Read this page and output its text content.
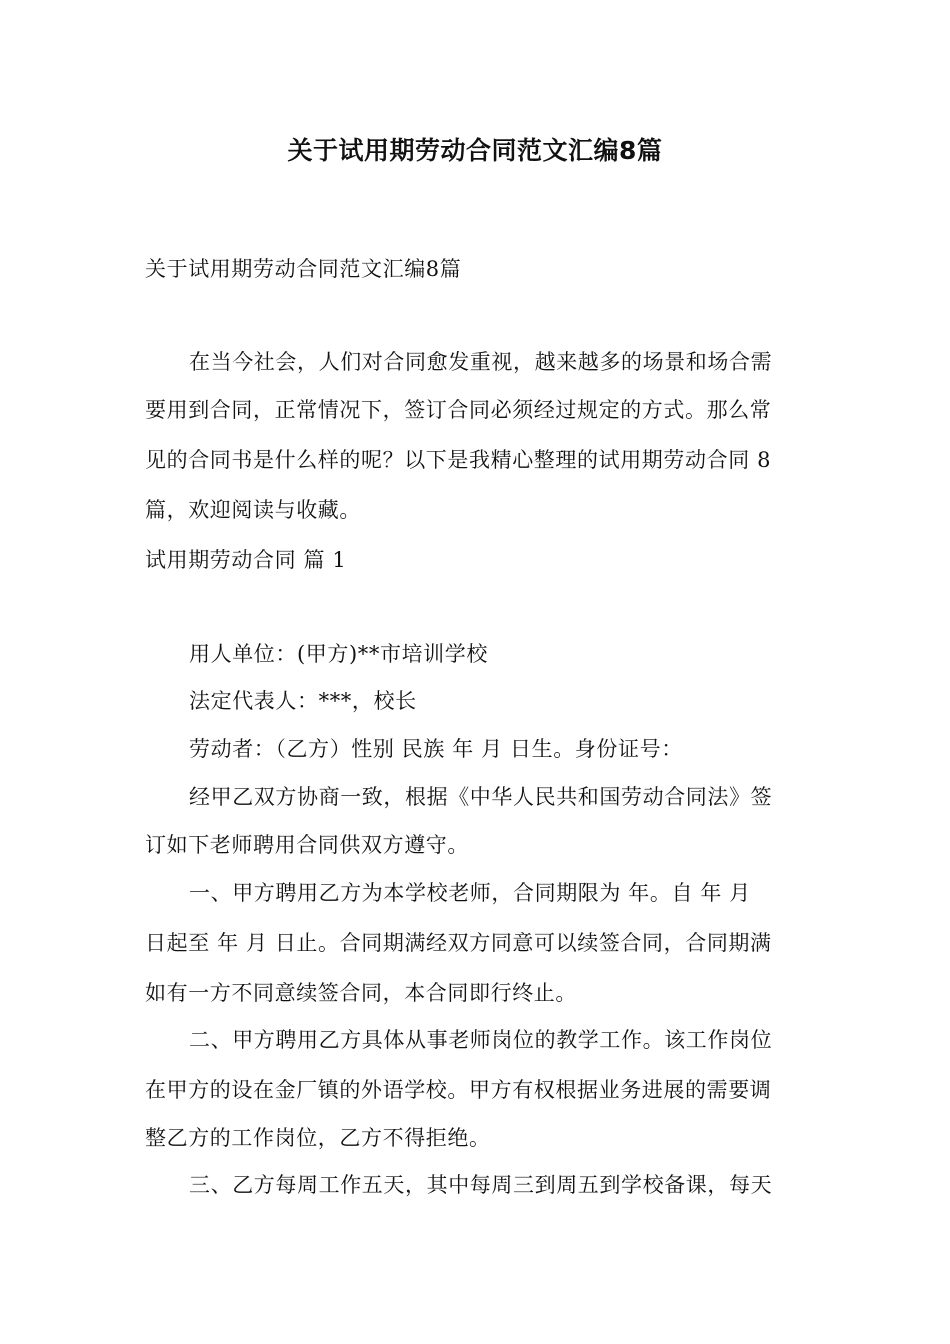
关于试用期劳动合同范文汇编8篇
关于试用期劳动合同范文汇编8篇
在当今社会，人们对合同愈发重视，越来越多的场景和场合需
要用到合同，正常情况下，签订合同必须经过规定的方式。那么常
见的合同书是什么样的呢？以下是我精心整理的试用期劳动合同 8
篇，欢迎阅读与收藏。
试用期劳动合同 篇 1
用人单位：(甲方)**市培训学校
法定代表人：***，校长
劳动者：（乙方）性别 民族 年 月 日生。身份证号：
经甲乙双方协商一致，根据《中华人民共和国劳动合同法》签
订如下老师聘用合同供双方遵守。
一、甲方聘用乙方为本学校老师，合同期限为 年。自 年 月
日起至 年 月 日止。合同期满经双方同意可以续签合同，合同期满
如有一方不同意续签合同，本合同即行终止。
二、甲方聘用乙方具体从事老师岗位的教学工作。该工作岗位
在甲方的设在金厂镇的外语学校。甲方有权根据业务进展的需要调
整乙方的工作岗位，乙方不得拒绝。
三、乙方每周工作五天，其中每周三到周五到学校备课，每天
